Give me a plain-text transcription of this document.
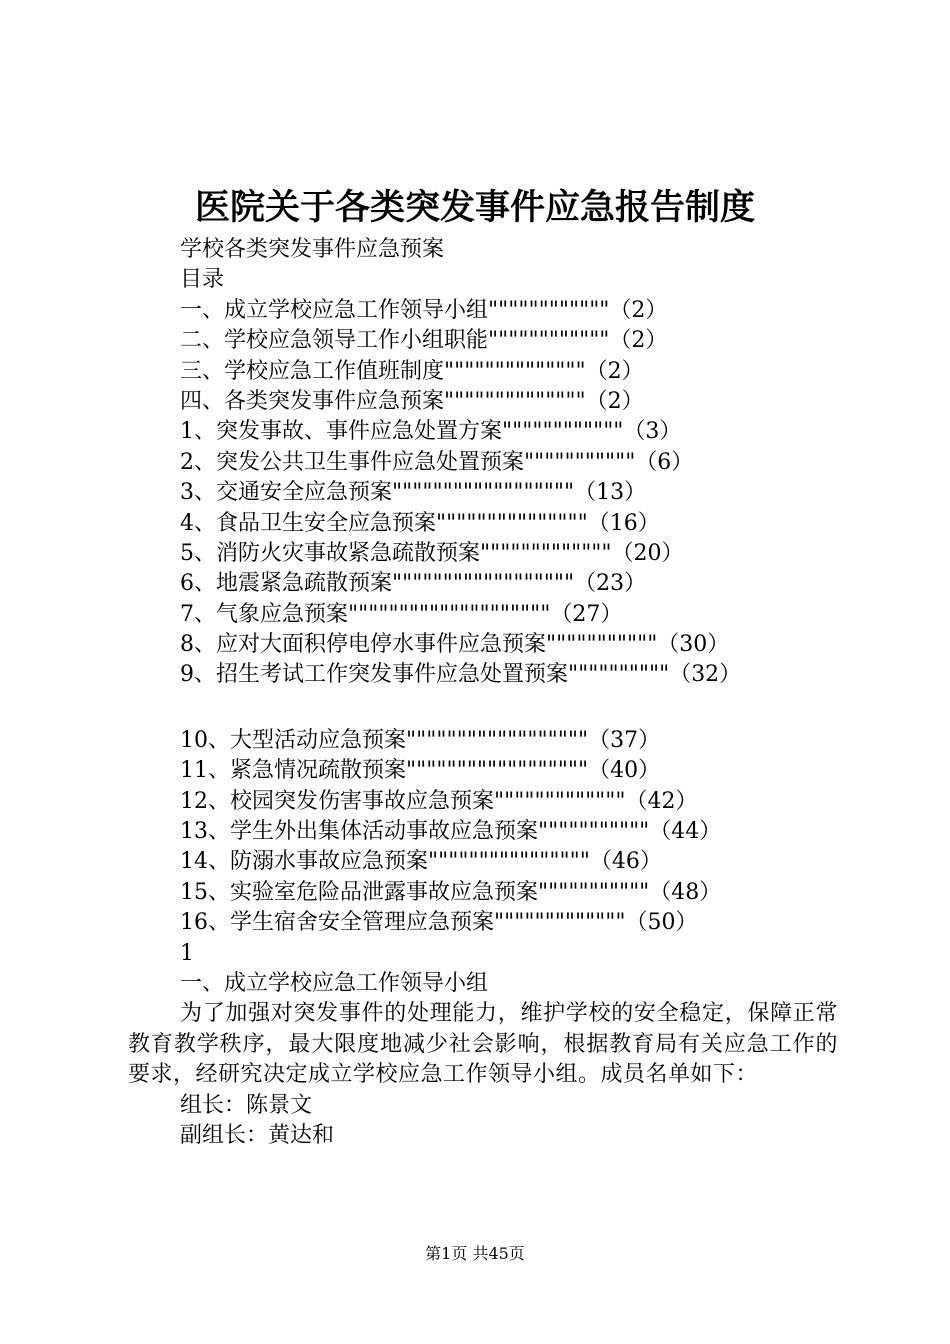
医院关于各类突发事件应急报告制度
学校各类突发事件应急预案
目录
一、成立学校应急工作领导小组""""""""""""（2）
二、学校应急领导工作小组职能""""""""""""（2）
三、学校应急工作值班制度""""""""""""""（2）
四、各类突发事件应急预案""""""""""""""（2）
1、突发事故、事件应急处置方案""""""""""""（3）
2、突发公共卫生事件应急处置预案"""""""""""（6）
3、交通安全应急预案""""""""""""""""""（13）
4、食品卫生安全应急预案"""""""""""""""（16）
5、消防火灾事故紧急疏散预案"""""""""""""（20）
6、地震紧急疏散预案""""""""""""""""""（23）
7、气象应急预案""""""""""""""""""""（27）
8、应对大面积停电停水事件应急预案"""""""""""（30）
9、招生考试工作突发事件应急处置预案""""""""""（32）
10、大型活动应急预案""""""""""""""""""（37）
11、紧急情况疏散预案""""""""""""""""""（40）
12、校园突发伤害事故应急预案"""""""""""""（42）
13、学生外出集体活动事故应急预案"""""""""""（44）
14、防溺水事故应急预案""""""""""""""""（46）
15、实验室危险品泄露事故应急预案"""""""""""（48）
16、学生宿舍安全管理应急预案"""""""""""""（50）
1
一、成立学校应急工作领导小组
为了加强对突发事件的处理能力，维护学校的安全稳定，保障正常教育教学秩序，最大限度地减少社会影响，根据教育局有关应急工作的要求，经研究决定成立学校应急工作领导小组。成员名单如下：
组长：陈景文
副组长：黄达和
第1页 共45页
